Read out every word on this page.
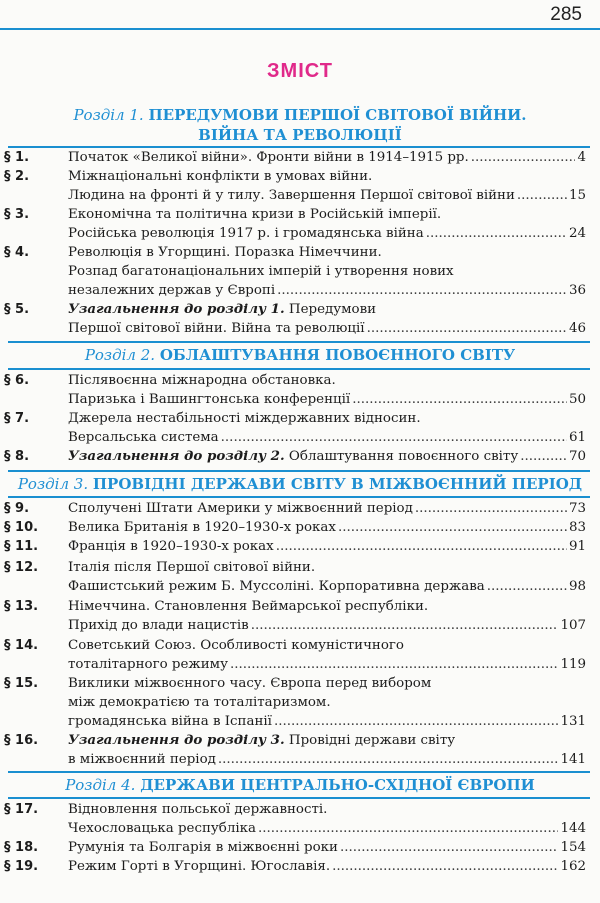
285
ЗМІСТ
Розділ 1. ПЕРЕДУМОВИ ПЕРШОЇ СВІТОВОЇ ВІЙНИ.
ВІЙНА ТА РЕВОЛЮЦІЇ
§ 1.	Початок «Великої війни». Фронти війни в 1914–1915 рр. .....	4
§ 2.	Міжнаціональні конфлікти в умовах війни.
Людина на фронті й у тилу. Завершення Першої світової війни .....	15
§ 3.	Економічна та політична кризи в Російській імперії.
Російська революція 1917 р. і громадянська війна .....	24
§ 4.	Революція в Угорщині. Поразка Німеччини.
Розпад багатонаціональних імперій і утворення нових
незалежних держав у Європі .....	36
§ 5.	Узагальнення до розділу 1. Передумови
Першої світової війни. Війна та революції .....	46
Розділ 2. ОБЛАШТУВАННЯ ПОВОЄННОГО СВІТУ
§ 6.	Післявоєнна міжнародна обстановка.
Паризька і Вашингтонська конференції .....	50
§ 7.	Джерела нестабільності міждержавних відносин.
Версальська система .....	61
§ 8.	Узагальнення до розділу 2. Облаштування повоєнного світу .....	70
Розділ 3. ПРОВІДНІ ДЕРЖАВИ СВІТУ В МІЖВОЄННИЙ ПЕРІОД
§ 9.	Сполучені Штати Америки у міжвоєнний період .....	73
§ 10. Велика Британія в 1920–1930-х роках .....	83
§ 11. Франція в 1920–1930-х роках .....	91
§ 12. Італія після Першої світової війни.
Фашистський режим Б. Муссоліні. Корпоративна держава .....	98
§ 13. Німеччина. Становлення Веймарської республіки.
Прихід до влади нацистів .....	107
§ 14. Советський Союз. Особливості комуністичного
тоталітарного режиму .....	119
§ 15. Виклики міжвоєнного часу. Європа перед вибором
між демократією та тоталітаризмом.
громадянська війна в Іспанії .....	131
§ 16. Узагальнення до розділу 3. Провідні держави світу
в міжвоєнний період .....	141
Розділ 4. ДЕРЖАВИ ЦЕНТРАЛЬНО-СХІДНОЇ ЄВРОПИ
§ 17. Відновлення польської державності.
Чехословацька республіка .....	144
§ 18. Румунія та Болгарія в міжвоєнні роки .....	154
§ 19. Режим Горті в Угорщині. Югославія. .....	162
